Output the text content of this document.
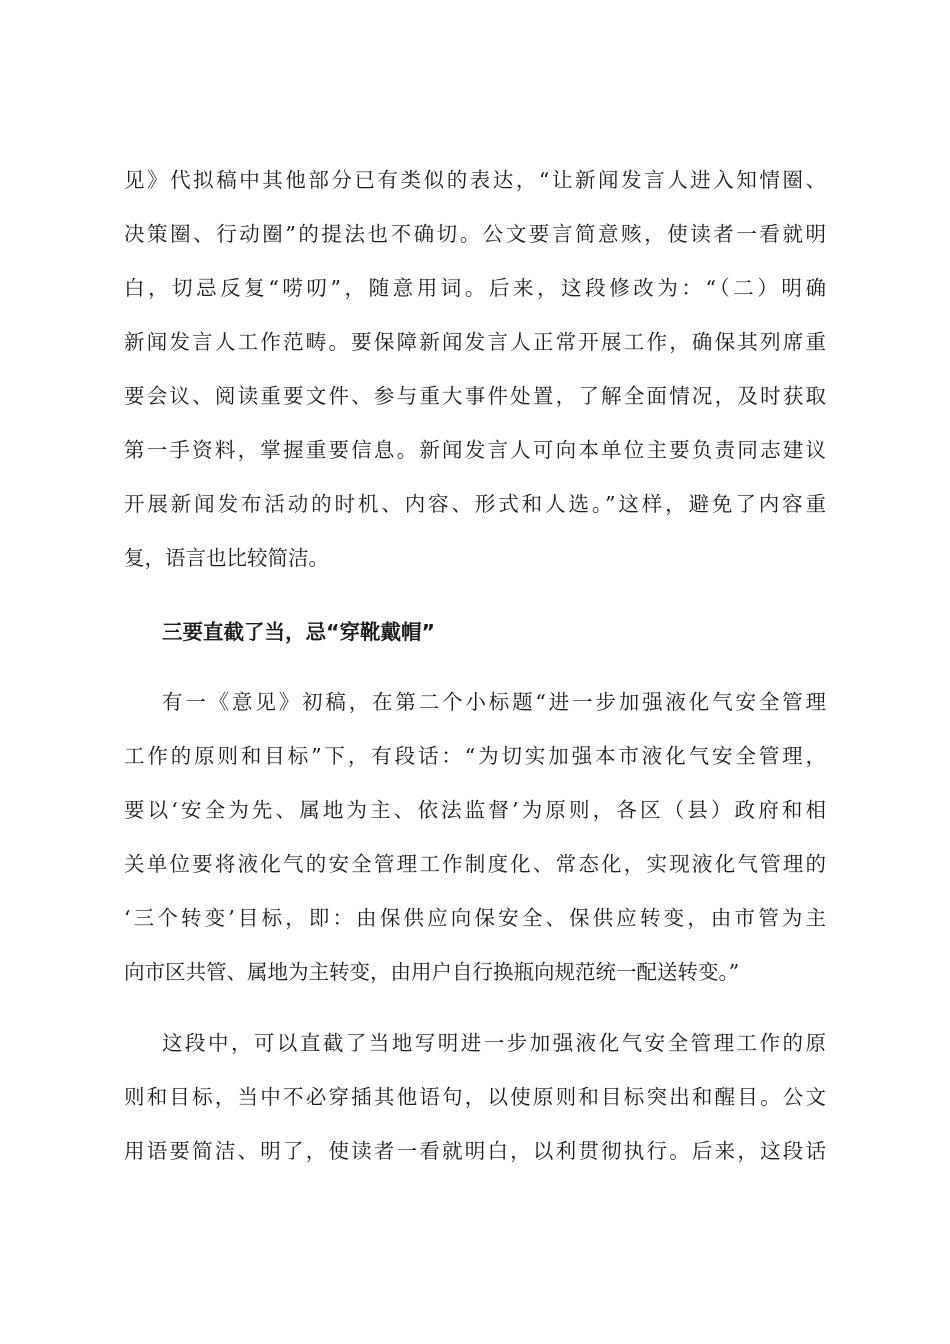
见》代拟稿中其他部分已有类似的表达，“让新闻发言人进入知情圈、
决策圈、行动圈”的提法也不确切。公文要言简意赅，使读者一看就明
白，切忌反复“唠叨”，随意用词。后来，这段修改为：“（二）明确
新闻发言人工作范畴。要保障新闻发言人正常开展工作，确保其列席重
要会议、阅读重要文件、参与重大事件处置，了解全面情况，及时获取
第一手资料，掌握重要信息。新闻发言人可向本单位主要负责同志建议
开展新闻发布活动的时机、内容、形式和人选。”这样，避免了内容重
复，语言也比较简洁。
三要直截了当，忌“穿靴戴帽”
有一《意见》初稿，在第二个小标题“进一步加强液化气安全管理
工作的原则和目标”下，有段话：“为切实加强本市液化气安全管理，
要以‘安全为先、属地为主、依法监督’为原则，各区（县）政府和相
关单位要将液化气的安全管理工作制度化、常态化，实现液化气管理的
‘三个转变’目标，即：由保供应向保安全、保供应转变，由市管为主
向市区共管、属地为主转变，由用户自行换瓶向规范统一配送转变。”
这段中，可以直截了当地写明进一步加强液化气安全管理工作的原
则和目标，当中不必穿插其他语句，以使原则和目标突出和醒目。公文
用语要简洁、明了，使读者一看就明白，以利贯彻执行。后来，这段话
